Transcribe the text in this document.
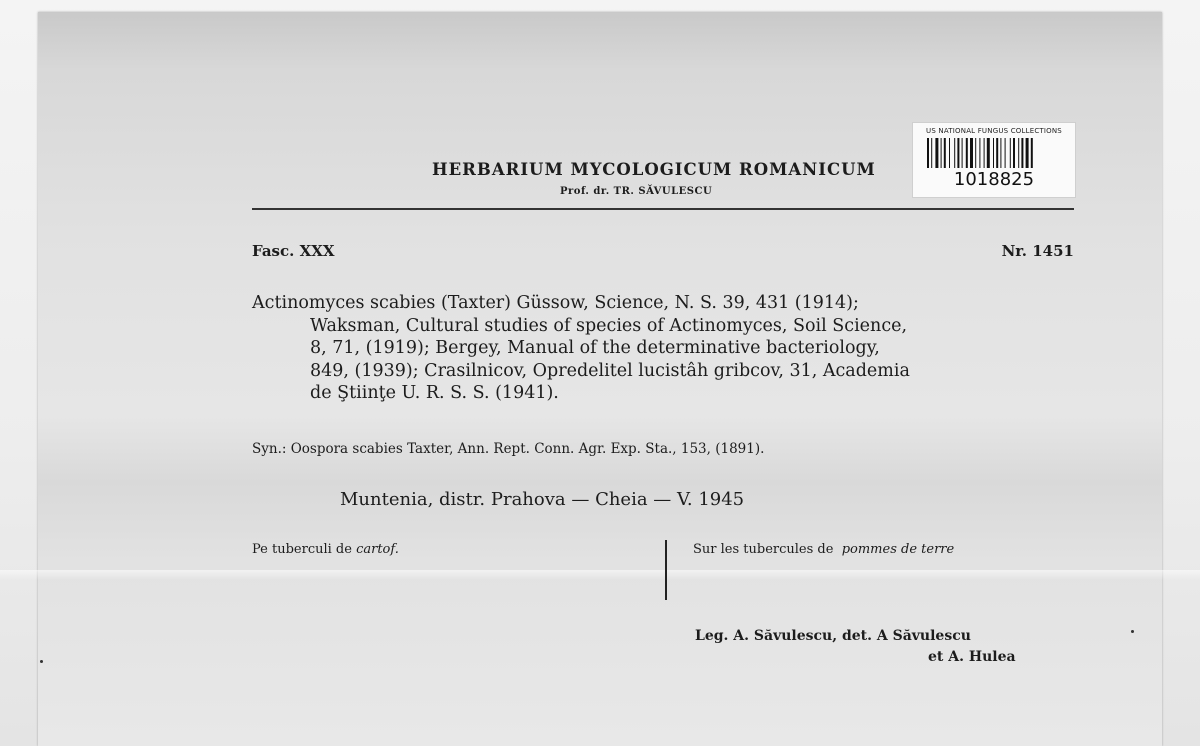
US NATIONAL FUNGUS COLLECTIONS
1018825
HERBARIUM MYCOLOGICUM ROMANICUM
Prof. dr. TR. SĂVULESCU
Fasc. XXX	Nr. 1451
Actinomyces scabies (Taxter) Güssow, Science, N. S. 39, 431 (1914);
Waksman, Cultural studies of species of Actinomyces, Soil Science,
8, 71, (1919); Bergey, Manual of the determinative bacteriology,
849, (1939); Crasilnicov, Opredelitel lucistâh gribcov, 31, Academia
de Ştiinţe U. R. S. S. (1941).
Syn.: Oospora scabies Taxter, Ann. Rept. Conn. Agr. Exp. Sta., 153, (1891).
Muntenia, distr. Prahova — Cheia — V. 1945
Pe tuberculi de cartof.	Sur les tubercules de pommes de terre
Leg. A. Săvulescu, det. A Săvulescu
et A. Hulea
